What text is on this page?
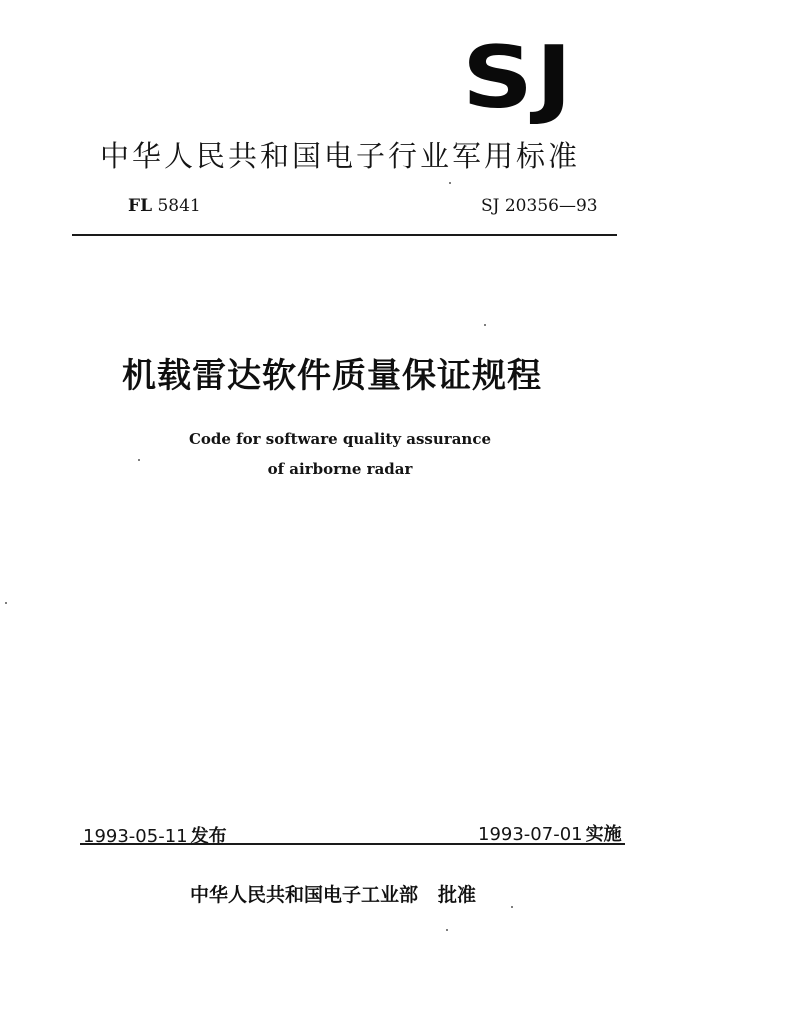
SJ
中华人民共和国电子行业军用标准
FL 5841	SJ 20356—93
机载雷达软件质量保证规程
Code for software quality assurance
of airborne radar
1993-05-11 发布	1993-07-01 实施
中华人民共和国电子工业部 批准
